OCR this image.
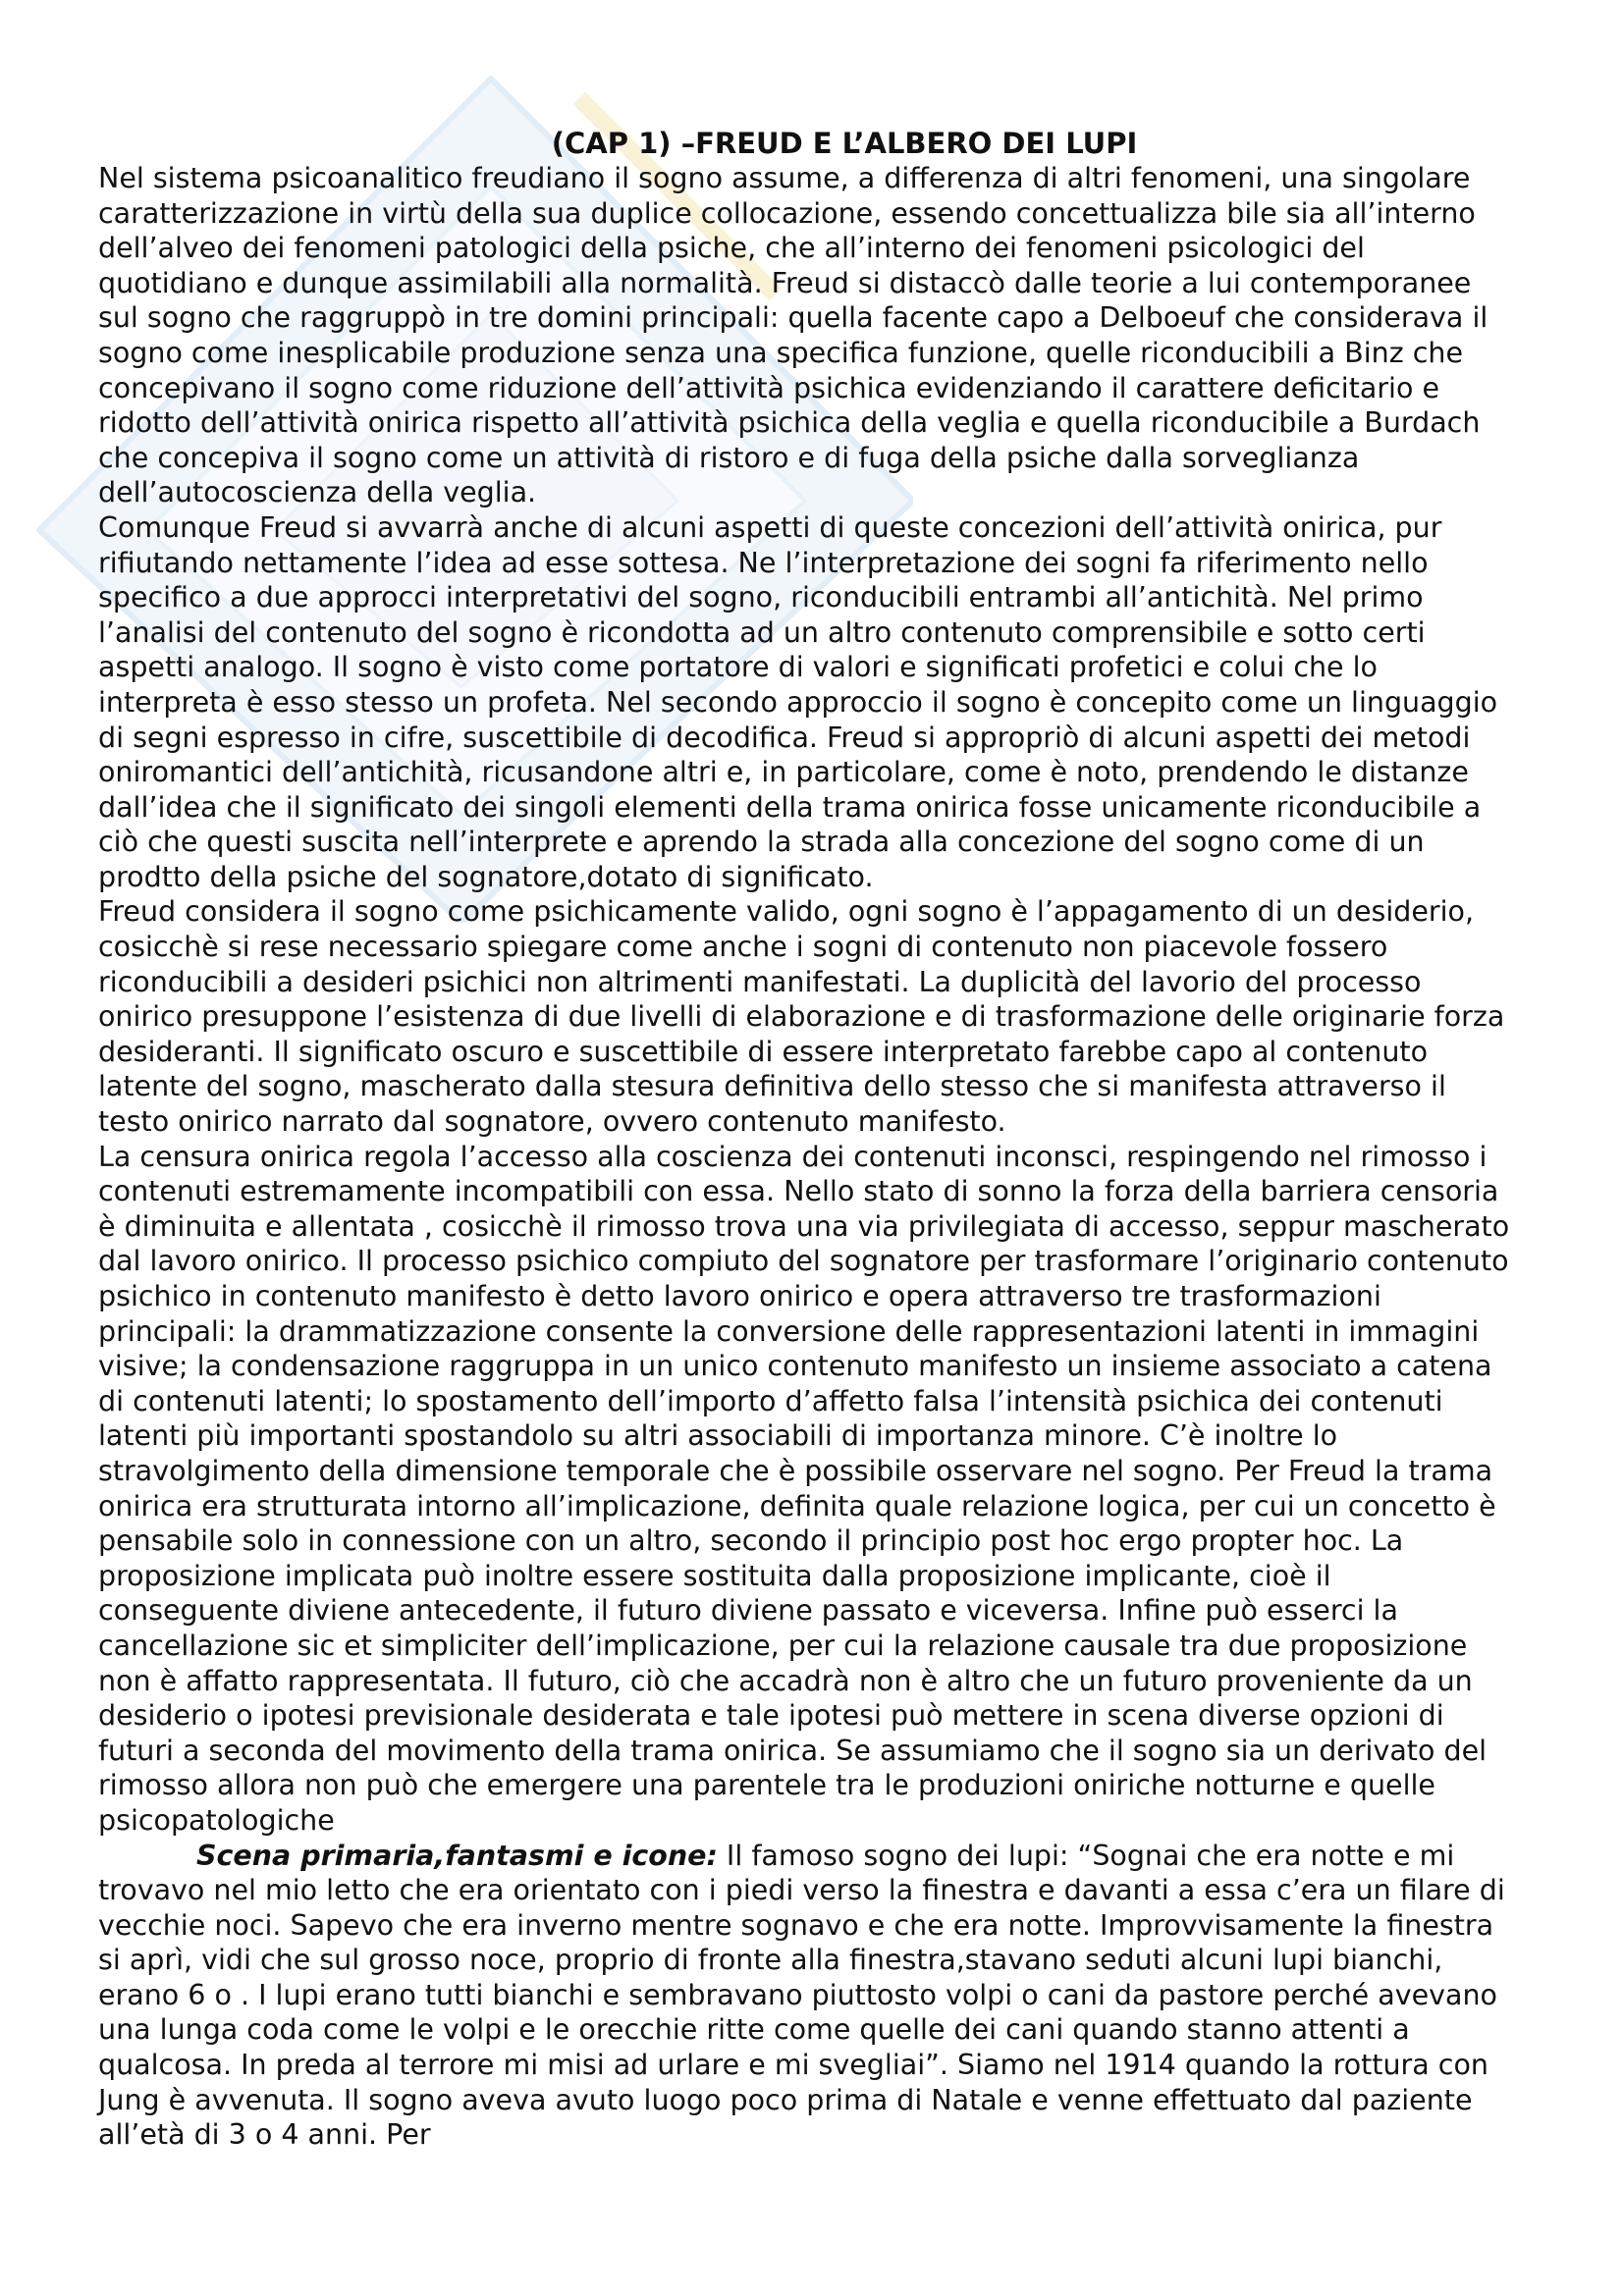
(CAP 1) –FREUD E L’ALBERO DEI LUPI

Nel sistema psicoanalitico freudiano il sogno assume, a differenza di altri fenomeni, una singolare caratterizzazione in virtù della sua duplice collocazione, essendo concettualizza bile sia all’interno dell’alveo dei fenomeni patologici della psiche, che all’interno dei fenomeni psicologici del quotidiano e dunque assimilabili alla normalità. Freud si distaccò dalle teorie a lui contemporanee sul sogno che raggruppò in tre domini principali: quella facente capo a Delboeuf che considerava il sogno come inesplicabile produzione senza una specifica funzione, quelle riconducibili a Binz che concepivano il sogno come riduzione dell’attività psichica evidenziando il carattere deficitario e ridotto dell’attività onirica rispetto all’attività psichica della veglia e quella riconducibile a Burdach che concepiva il sogno come un attività di ristoro e di fuga della psiche dalla sorveglianza dell’autocoscienza della veglia.

Comunque Freud si avvarrà anche di alcuni aspetti di queste concezioni dell’attività onirica, pur rifiutando nettamente l’idea ad esse sottesa. Ne l’interpretazione dei sogni fa riferimento nello specifico a due approcci interpretativi del sogno, riconducibili entrambi all’antichità. Nel primo l’analisi del contenuto del sogno è ricondotta ad un altro contenuto comprensibile e sotto certi aspetti analogo. Il sogno è visto come portatore di valori e significati profetici e colui che lo interpreta è esso stesso un profeta. Nel secondo approccio il sogno è concepito come un linguaggio di segni espresso in cifre, suscettibile di decodifica. Freud si appropriò di alcuni aspetti dei metodi oniromantici dell’antichità, ricusandone altri e, in particolare, come è noto, prendendo le distanze dall’idea che il significato dei singoli elementi della trama onirica fosse unicamente riconducibile a ciò che questi suscita nell’interprete e aprendo la strada alla concezione del sogno come di un prodtto della psiche del sognatore,dotato di significato.

Freud considera il sogno come psichicamente valido, ogni sogno è l’appagamento di un desiderio, cosicchè si rese necessario spiegare come anche i sogni di contenuto non piacevole fossero riconducibili a desideri psichici non altrimenti manifestati. La duplicità del lavorio del processo onirico presuppone l’esistenza di due livelli di elaborazione e di trasformazione delle originarie forza desideranti. Il significato oscuro e suscettibile di essere interpretato farebbe capo al contenuto latente del sogno, mascherato dalla stesura definitiva dello stesso che si manifesta attraverso il testo onirico narrato dal sognatore, ovvero contenuto manifesto.

La censura onirica regola l’accesso alla coscienza dei contenuti inconsci, respingendo nel rimosso i contenuti estremamente incompatibili con essa. Nello stato di sonno la forza della barriera censoria è diminuita e allentata , cosicchè il rimosso trova una via privilegiata di accesso, seppur mascherato dal lavoro onirico. Il processo psichico compiuto del sognatore per trasformare l’originario contenuto psichico in contenuto manifesto è detto lavoro onirico e opera attraverso tre trasformazioni principali: la drammatizzazione consente la conversione delle rappresentazioni latenti in immagini visive; la condensazione raggruppa in un unico contenuto manifesto un insieme associato a catena di contenuti latenti; lo spostamento dell’importo d’affetto falsa l’intensità psichica dei contenuti latenti più importanti spostandolo su altri associabili di importanza minore. C’è inoltre lo stravolgimento della dimensione temporale che è possibile osservare nel sogno. Per Freud la trama onirica era strutturata intorno all’implicazione, definita quale relazione logica, per cui un concetto è pensabile solo in connessione con un altro, secondo il principio post hoc ergo propter hoc. La proposizione implicata può inoltre essere sostituita dalla proposizione implicante, cioè il conseguente diviene antecedente, il futuro diviene passato e viceversa. Infine può esserci la cancellazione sic et simpliciter dell’implicazione, per cui la relazione causale tra due proposizione non è affatto rappresentata. Il futuro, ciò che accadrà non è altro che un futuro proveniente da un desiderio o ipotesi previsionale desiderata e tale ipotesi può mettere in scena diverse opzioni di futuri a seconda del movimento della trama onirica. Se assumiamo che il sogno sia un derivato del rimosso allora non può che emergere una parentele tra le produzioni oniriche notturne e quelle psicopatologiche

Scena primaria,fantasmi e icone: Il famoso sogno dei lupi: “Sognai che era notte e mi trovavo nel mio letto che era orientato con i piedi verso la finestra e davanti a essa c’era un filare di vecchie noci. Sapevo che era inverno mentre sognavo e che era notte. Improvvisamente la finestra si aprì, vidi che sul grosso noce, proprio di fronte alla finestra,stavano seduti alcuni lupi bianchi, erano 6 o . I lupi erano tutti bianchi e sembravano piuttosto volpi o cani da pastore perché avevano una lunga coda come le volpi e le orecchie ritte come quelle dei cani quando stanno attenti a qualcosa. In preda al terrore mi misi ad urlare e mi svegliai”. Siamo nel 1914 quando la rottura con Jung è avvenuta. Il sogno aveva avuto luogo poco prima di Natale e venne effettuato dal paziente all’età di 3 o 4 anni. Per
